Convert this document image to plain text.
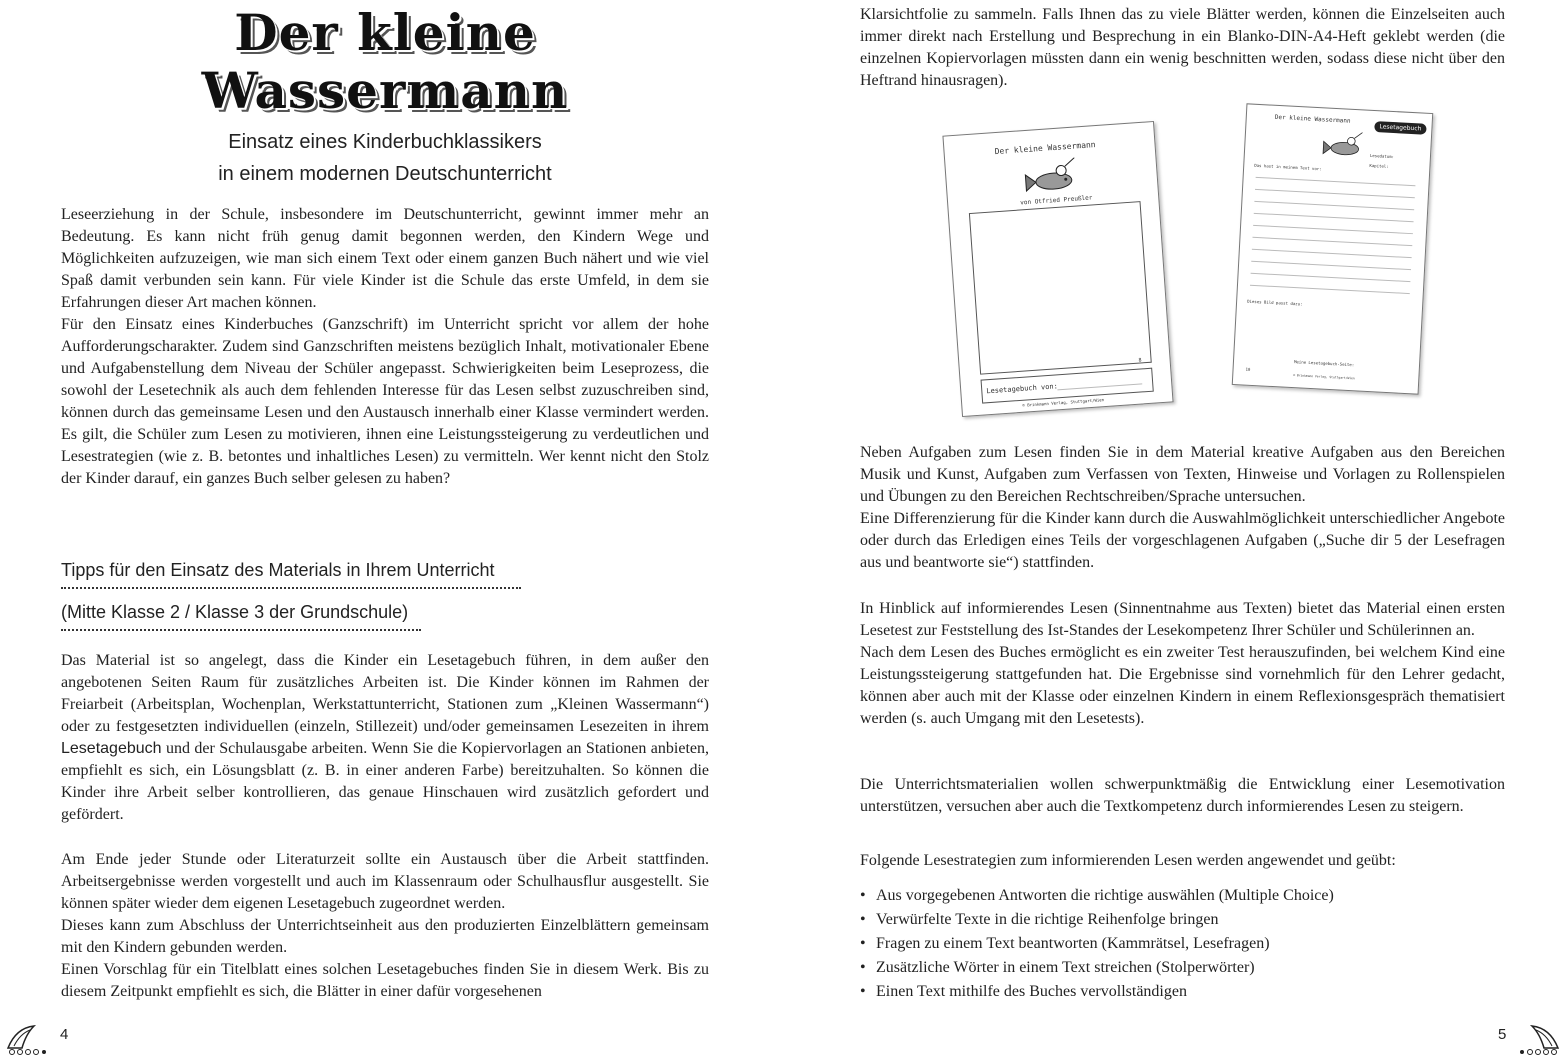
Der kleine
Wassermann
Einsatz eines Kinderbuchklassikers
in einem modernen Deutschunterricht

Leseerziehung in der Schule, insbesondere im Deutschunterricht, gewinnt immer mehr an Bedeutung. Es kann nicht früh genug damit begonnen werden, den Kindern Wege und Möglichkeiten aufzuzeigen, wie man sich einem Text oder einem ganzen Buch nähert und wie viel Spaß damit verbunden sein kann. Für viele Kinder ist die Schule das erste Umfeld, in dem sie Erfahrungen dieser Art machen können.

Für den Einsatz eines Kinderbuches (Ganzschrift) im Unterricht spricht vor allem der hohe Aufforderungscharakter. Zudem sind Ganzschriften meistens bezüglich Inhalt, motivationaler Ebene und Aufgabenstellung dem Niveau der Schüler angepasst. Schwierigkeiten beim Leseprozess, die sowohl der Lesetechnik als auch dem fehlenden Interesse für das Lesen selbst zuzuschreiben sind, können durch das gemeinsame Lesen und den Austausch innerhalb einer Klasse vermindert werden. Es gilt, die Schüler zum Lesen zu motivieren, ihnen eine Leistungssteigerung zu verdeutlichen und Lesestrategien (wie z. B. betontes und inhaltliches Lesen) zu vermitteln. Wer kennt nicht den Stolz der Kinder darauf, ein ganzes Buch selber gelesen zu haben?

Tipps für den Einsatz des Materials in Ihrem Unterricht
(Mitte Klasse 2 / Klasse 3 der Grundschule)

Das Material ist so angelegt, dass die Kinder ein Lesetagebuch führen, in dem außer den angebotenen Seiten Raum für zusätzliches Arbeiten ist. Die Kinder können im Rahmen der Freiarbeit (Arbeitsplan, Wochenplan, Werkstattunterricht, Stationen zum „Kleinen Wassermann“) oder zu festgesetzten individuellen (einzeln, Stillezeit) und/oder gemeinsamen Lesezeiten in ihrem Lesetagebuch und der Schulausgabe arbeiten. Wenn Sie die Kopiervorlagen an Stationen anbieten, empfiehlt es sich, ein Lösungsblatt (z. B. in einer anderen Farbe) bereitzuhalten. So können die Kinder ihre Arbeit selber kontrollieren, das genaue Hinschauen wird zusätzlich gefordert und gefördert.

Am Ende jeder Stunde oder Literaturzeit sollte ein Austausch über die Arbeit stattfinden. Arbeitsergebnisse werden vorgestellt und auch im Klassenraum oder Schulhausflur ausgestellt. Sie können später wieder dem eigenen Lesetagebuch zugeordnet werden.

Dieses kann zum Abschluss der Unterrichtseinheit aus den produzierten Einzelblättern gemeinsam mit den Kindern gebunden werden.

Einen Vorschlag für ein Titelblatt eines solchen Lesetagebuches finden Sie in diesem Werk. Bis zu diesem Zeitpunkt empfiehlt es sich, die Blätter in einer dafür vorgesehenen

4

Klarsichtfolie zu sammeln. Falls Ihnen das zu viele Blätter werden, können die Einzelseiten auch immer direkt nach Erstellung und Besprechung in ein Blanko-DIN-A4-Heft geklebt werden (die einzelnen Kopiervorlagen müssten dann ein wenig beschnitten werden, sodass diese nicht über den Heftrand hinausragen).

Der kleine Wassermann
von Otfried Preußler
Lesetagebuch von:
8
© Brinkmann Verlag, Stuttgart/Wien
Der kleine Wassermann
Lesetagebuch
Lesedatum:
Kapitel:
Das hast in meinem Text vor:
Dieses Bild passt dazu:
Meine Lesetagebuch-Seite:
10
© Brinkmann Verlag, Stuttgart/Wien

Neben Aufgaben zum Lesen finden Sie in dem Material kreative Aufgaben aus den Bereichen Musik und Kunst, Aufgaben zum Verfassen von Texten, Hinweise und Vorlagen zu Rollenspielen und Übungen zu den Bereichen Rechtschreiben/Sprache untersuchen.

Eine Differenzierung für die Kinder kann durch die Auswahlmöglichkeit unterschiedlicher Angebote oder durch das Erledigen eines Teils der vorgeschlagenen Aufgaben („Suche dir 5 der Lesefragen aus und beantworte sie“) stattfinden.

In Hinblick auf informierendes Lesen (Sinnentnahme aus Texten) bietet das Material einen ersten Lesetest zur Feststellung des Ist-Standes der Lesekompetenz Ihrer Schüler und Schülerinnen an.

Nach dem Lesen des Buches ermöglicht es ein zweiter Test herauszufinden, bei welchem Kind eine Leistungssteigerung stattgefunden hat. Die Ergebnisse sind vornehmlich für den Lehrer gedacht, können aber auch mit der Klasse oder einzelnen Kindern in einem Reflexionsgespräch thematisiert werden (s. auch Umgang mit den Lesetests).

Die Unterrichtsmaterialien wollen schwerpunktmäßig die Entwicklung einer Lesemotivation unterstützen, versuchen aber auch die Textkompetenz durch informierendes Lesen zu steigern.

Folgende Lesestrategien zum informierenden Lesen werden angewendet und geübt:

• Aus vorgegebenen Antworten die richtige auswählen (Multiple Choice)
• Verwürfelte Texte in die richtige Reihenfolge bringen
• Fragen zu einem Text beantworten (Kammrätsel, Lesefragen)
• Zusätzliche Wörter in einem Text streichen (Stolperwörter)
• Einen Text mithilfe des Buches vervollständigen
5
